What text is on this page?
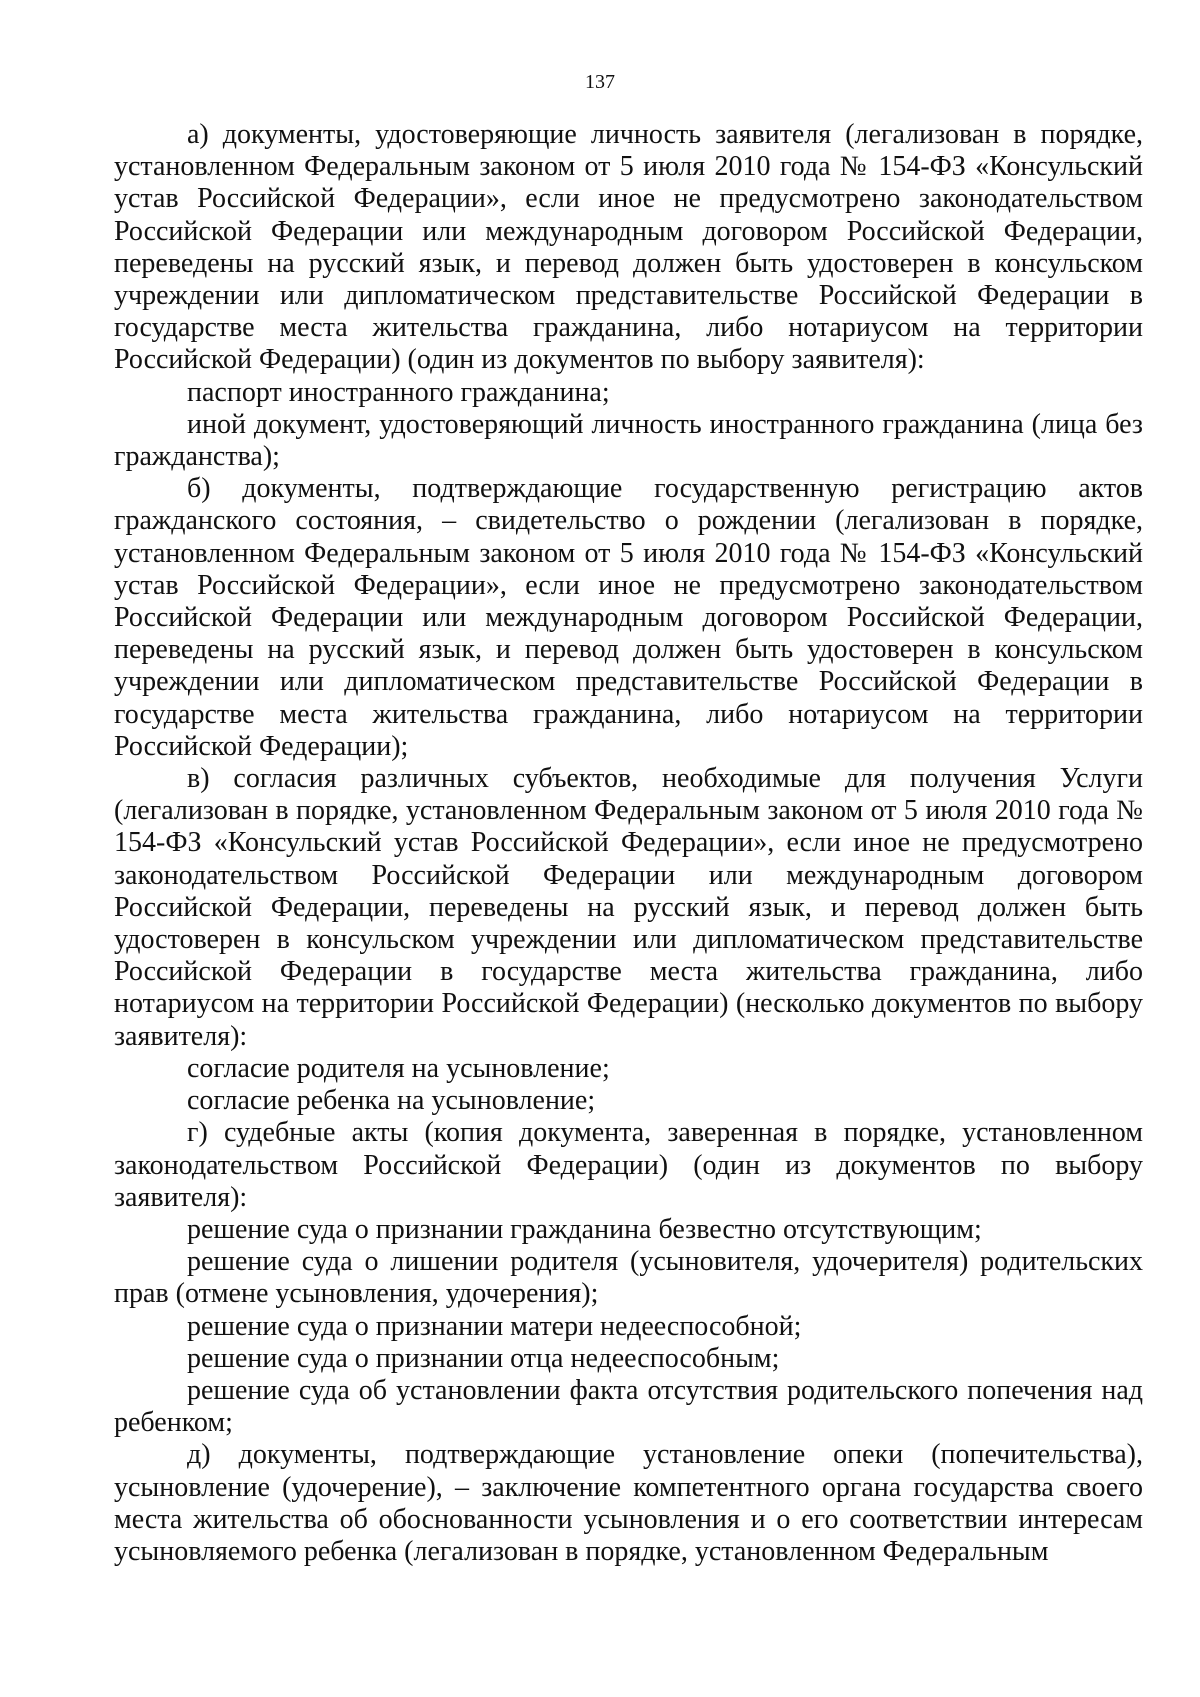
137

а) документы, удостоверяющие личность заявителя (легализован в порядке, установленном Федеральным законом от 5 июля 2010 года № 154-ФЗ «Консульский устав Российской Федерации», если иное не предусмотрено законодательством Российской Федерации или международным договором Российской Федерации, переведены на русский язык, и перевод должен быть удостоверен в консульском учреждении или дипломатическом представительстве Российской Федерации в государстве места жительства гражданина, либо нотариусом на территории Российской Федерации) (один из документов по выбору заявителя):

паспорт иностранного гражданина;

иной документ, удостоверяющий личность иностранного гражданина (лица без гражданства);

б) документы, подтверждающие государственную регистрацию актов гражданского состояния, – свидетельство о рождении (легализован в порядке, установленном Федеральным законом от 5 июля 2010 года № 154-ФЗ «Консульский устав Российской Федерации», если иное не предусмотрено законодательством Российской Федерации или международным договором Российской Федерации, переведены на русский язык, и перевод должен быть удостоверен в консульском учреждении или дипломатическом представительстве Российской Федерации в государстве места жительства гражданина, либо нотариусом на территории Российской Федерации);

в) согласия различных субъектов, необходимые для получения Услуги (легализован в порядке, установленном Федеральным законом от 5 июля 2010 года № 154-ФЗ «Консульский устав Российской Федерации», если иное не предусмотрено законодательством Российской Федерации или международным договором Российской Федерации, переведены на русский язык, и перевод должен быть удостоверен в консульском учреждении или дипломатическом представительстве Российской Федерации в государстве места жительства гражданина, либо нотариусом на территории Российской Федерации) (несколько документов по выбору заявителя):

согласие родителя на усыновление;

согласие ребенка на усыновление;

г) судебные акты (копия документа, заверенная в порядке, установленном законодательством Российской Федерации) (один из документов по выбору заявителя):

решение суда о признании гражданина безвестно отсутствующим;

решение суда о лишении родителя (усыновителя, удочерителя) родительских прав (отмене усыновления, удочерения);

решение суда о признании матери недееспособной;

решение суда о признании отца недееспособным;

решение суда об установлении факта отсутствия родительского попечения над ребенком;

д) документы, подтверждающие установление опеки (попечительства), усыновление (удочерение), – заключение компетентного органа государства своего места жительства об обоснованности усыновления и о его соответствии интересам усыновляемого ребенка (легализован в порядке, установленном Федеральным
